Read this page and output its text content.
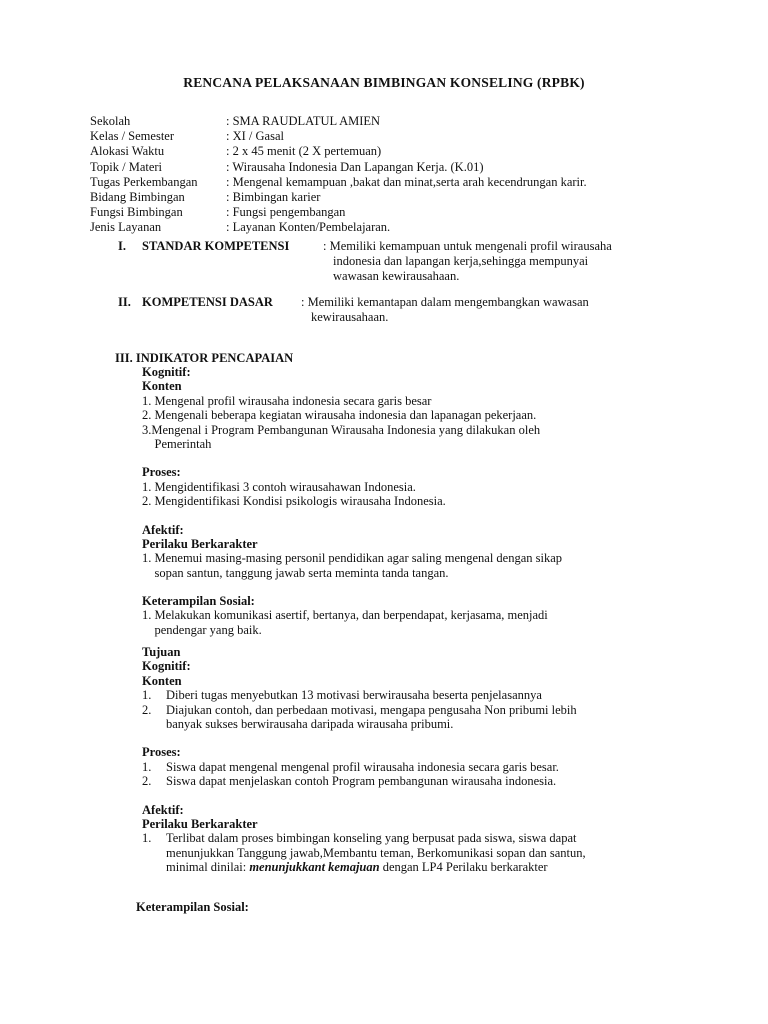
RENCANA PELAKSANAAN BIMBINGAN KONSELING (RPBK)
Sekolah	: SMA RAUDLATUL AMIEN
Kelas / Semester	: XI / Gasal
Alokasi Waktu	: 2 x 45 menit (2 X pertemuan)
Topik / Materi	: Wirausaha Indonesia Dan Lapangan Kerja. (K.01)
Tugas Perkembangan : Mengenal kemampuan ,bakat dan minat,serta arah kecendrungan karir.
Bidang Bimbingan	: Bimbingan karier
Fungsi Bimbingan	: Fungsi pengembangan
Jenis Layanan	: Layanan Konten/Pembelajaran.
I. STANDAR KOMPETENSI	: Memiliki kemampuan untuk mengenali profil wirausaha
indonesia dan lapangan kerja,sehingga mempunyai
wawasan kewirausahaan.
II. KOMPETENSI DASAR : Memiliki kemantapan dalam mengembangkan wawasan
kewirausahaan.
III. INDIKATOR PENCAPAIAN
Kognitif:
Konten
1. Mengenal profil wirausaha indonesia secara garis besar
2. Mengenali beberapa kegiatan wirausaha indonesia dan lapanagan pekerjaan.
3.Mengenal i Program Pembangunan Wirausaha Indonesia yang dilakukan oleh
Pemerintah
Proses:
1. Mengidentifikasi 3 contoh wirausahawan Indonesia.
2. Mengidentifikasi Kondisi psikologis wirausaha Indonesia.
Afektif:
Perilaku Berkarakter
1. Menemui masing-masing personil pendidikan agar saling mengenal dengan sikap
sopan santun, tanggung jawab serta meminta tanda tangan.
Keterampilan Sosial:
1. Melakukan komunikasi asertif, bertanya, dan berpendapat, kerjasama, menjadi
pendengar yang baik.
Tujuan
Kognitif:
Konten
1. Diberi tugas menyebutkan 13 motivasi berwirausaha beserta penjelasannya
2. Diajukan contoh, dan perbedaan motivasi, mengapa pengusaha Non pribumi lebih
banyak sukses berwirausaha daripada wirausaha pribumi.
Proses:
1. Siswa dapat mengenal mengenal profil wirausaha indonesia secara garis besar.
2. Siswa dapat menjelaskan contoh Program pembangunan wirausaha indonesia.
Afektif:
Perilaku Berkarakter
1. Terlibat dalam proses bimbingan konseling yang berpusat pada siswa, siswa dapat
menunjukkan Tanggung jawab,Membantu teman, Berkomunikasi sopan dan santun,
minimal dinilai: menunjukkant kemajuan dengan LP4 Perilaku berkarakter
Keterampilan Sosial:
